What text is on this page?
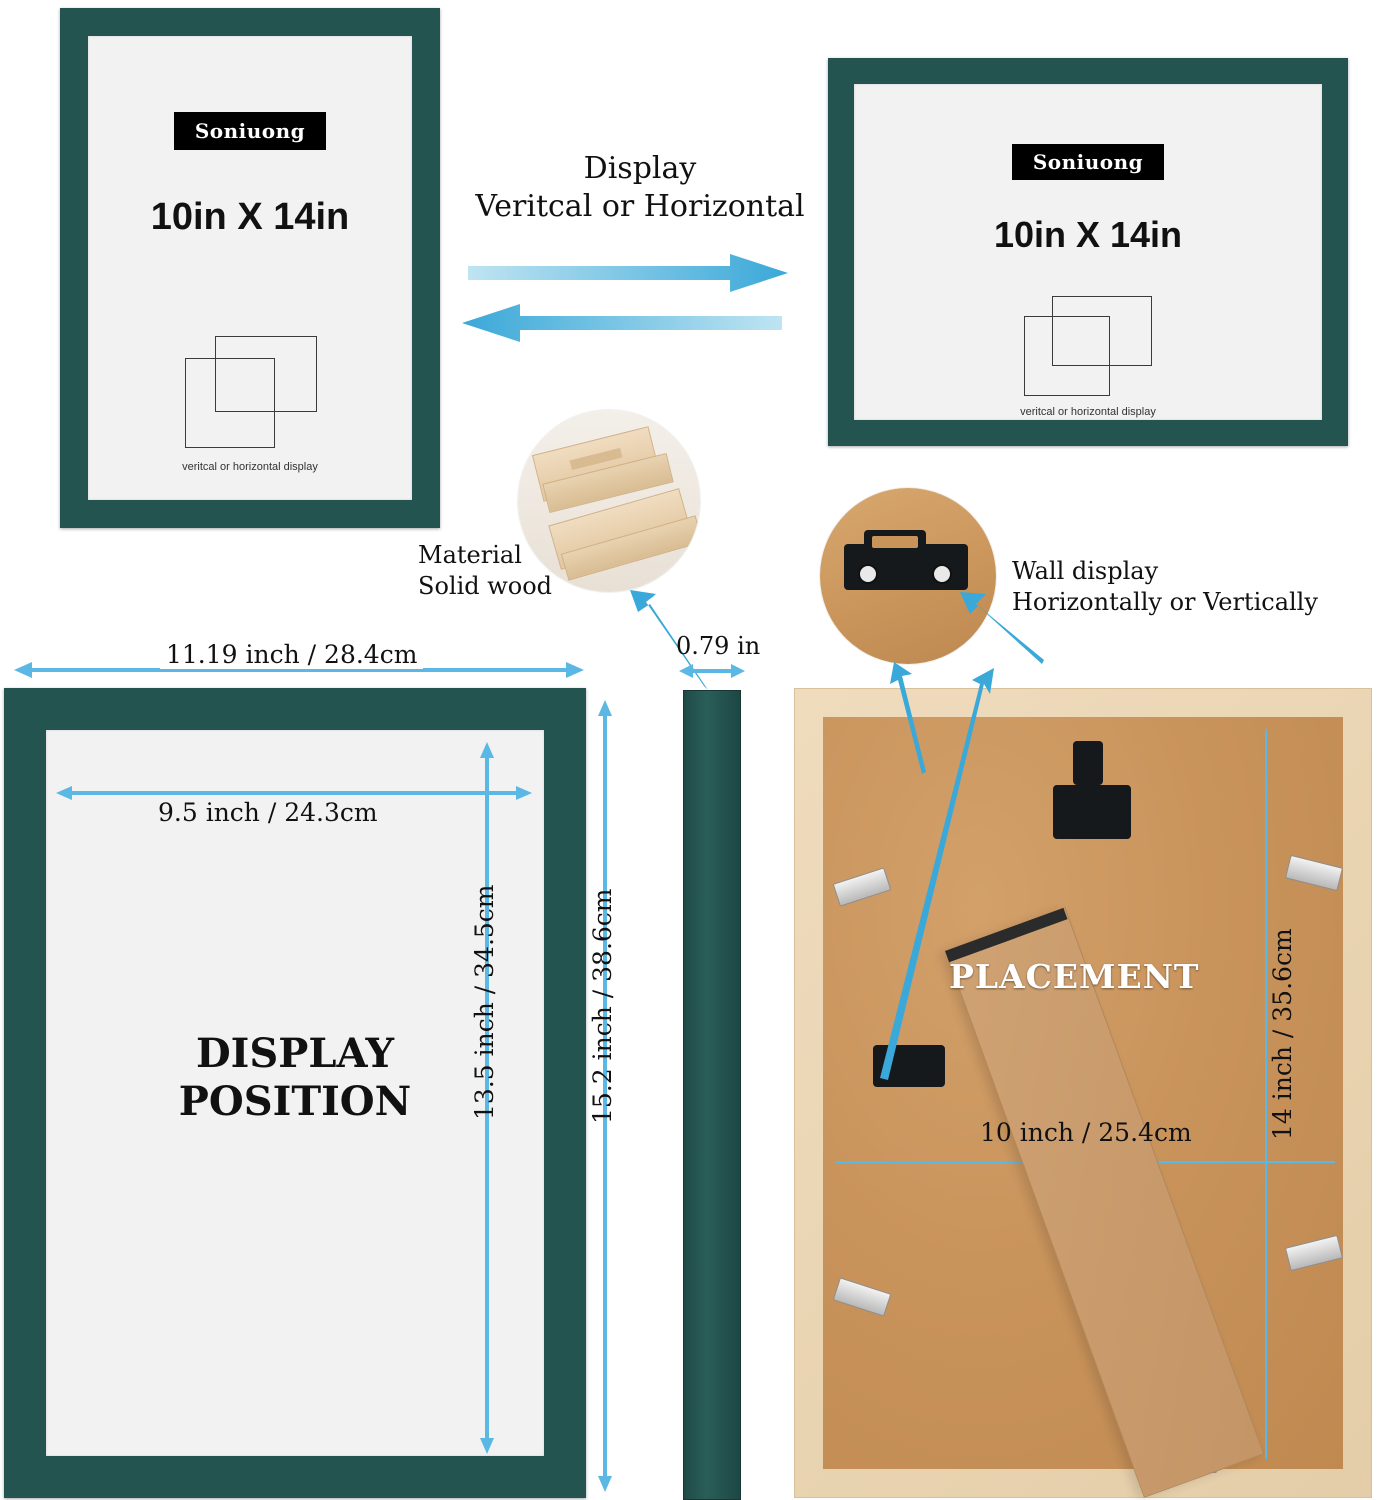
Soniuong
10in X 14in
veritcal or horizontal display
Soniuong
10in X 14in
veritcal or horizontal display
Display
Veritcal or Horizontal
Material
Solid wood
Wall display
Horizontally or Vertically
DISPLAY
POSITION
11.19 inch / 28.4cm
9.5 inch / 24.3cm
13.5 inch / 34.5cm	15.2 inch / 38.6cm
0.79 in
PLACEMENT	14 inch / 35.6cm
10 inch / 25.4cm
